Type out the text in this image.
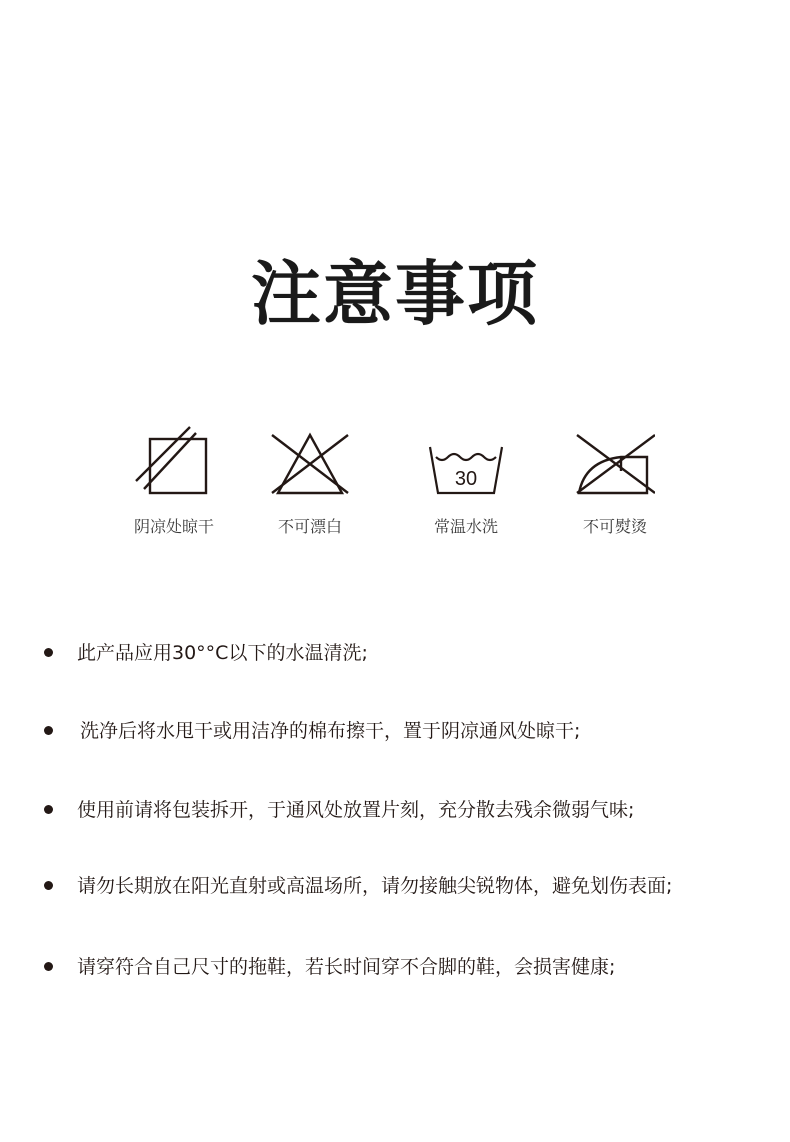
注意事项
阴凉处晾干	不可漂白
30
常温水洗	不可熨烫
此产品应用30°°C以下的水温清洗;
洗净后将水甩干或用洁净的棉布擦干，置于阴凉通风处晾干;
使用前请将包装拆开，于通风处放置片刻，充分散去残余微弱气味;
请勿长期放在阳光直射或高温场所，请勿接触尖锐物体，避免划伤表面;
请穿符合自己尺寸的拖鞋，若长时间穿不合脚的鞋，会损害健康;
